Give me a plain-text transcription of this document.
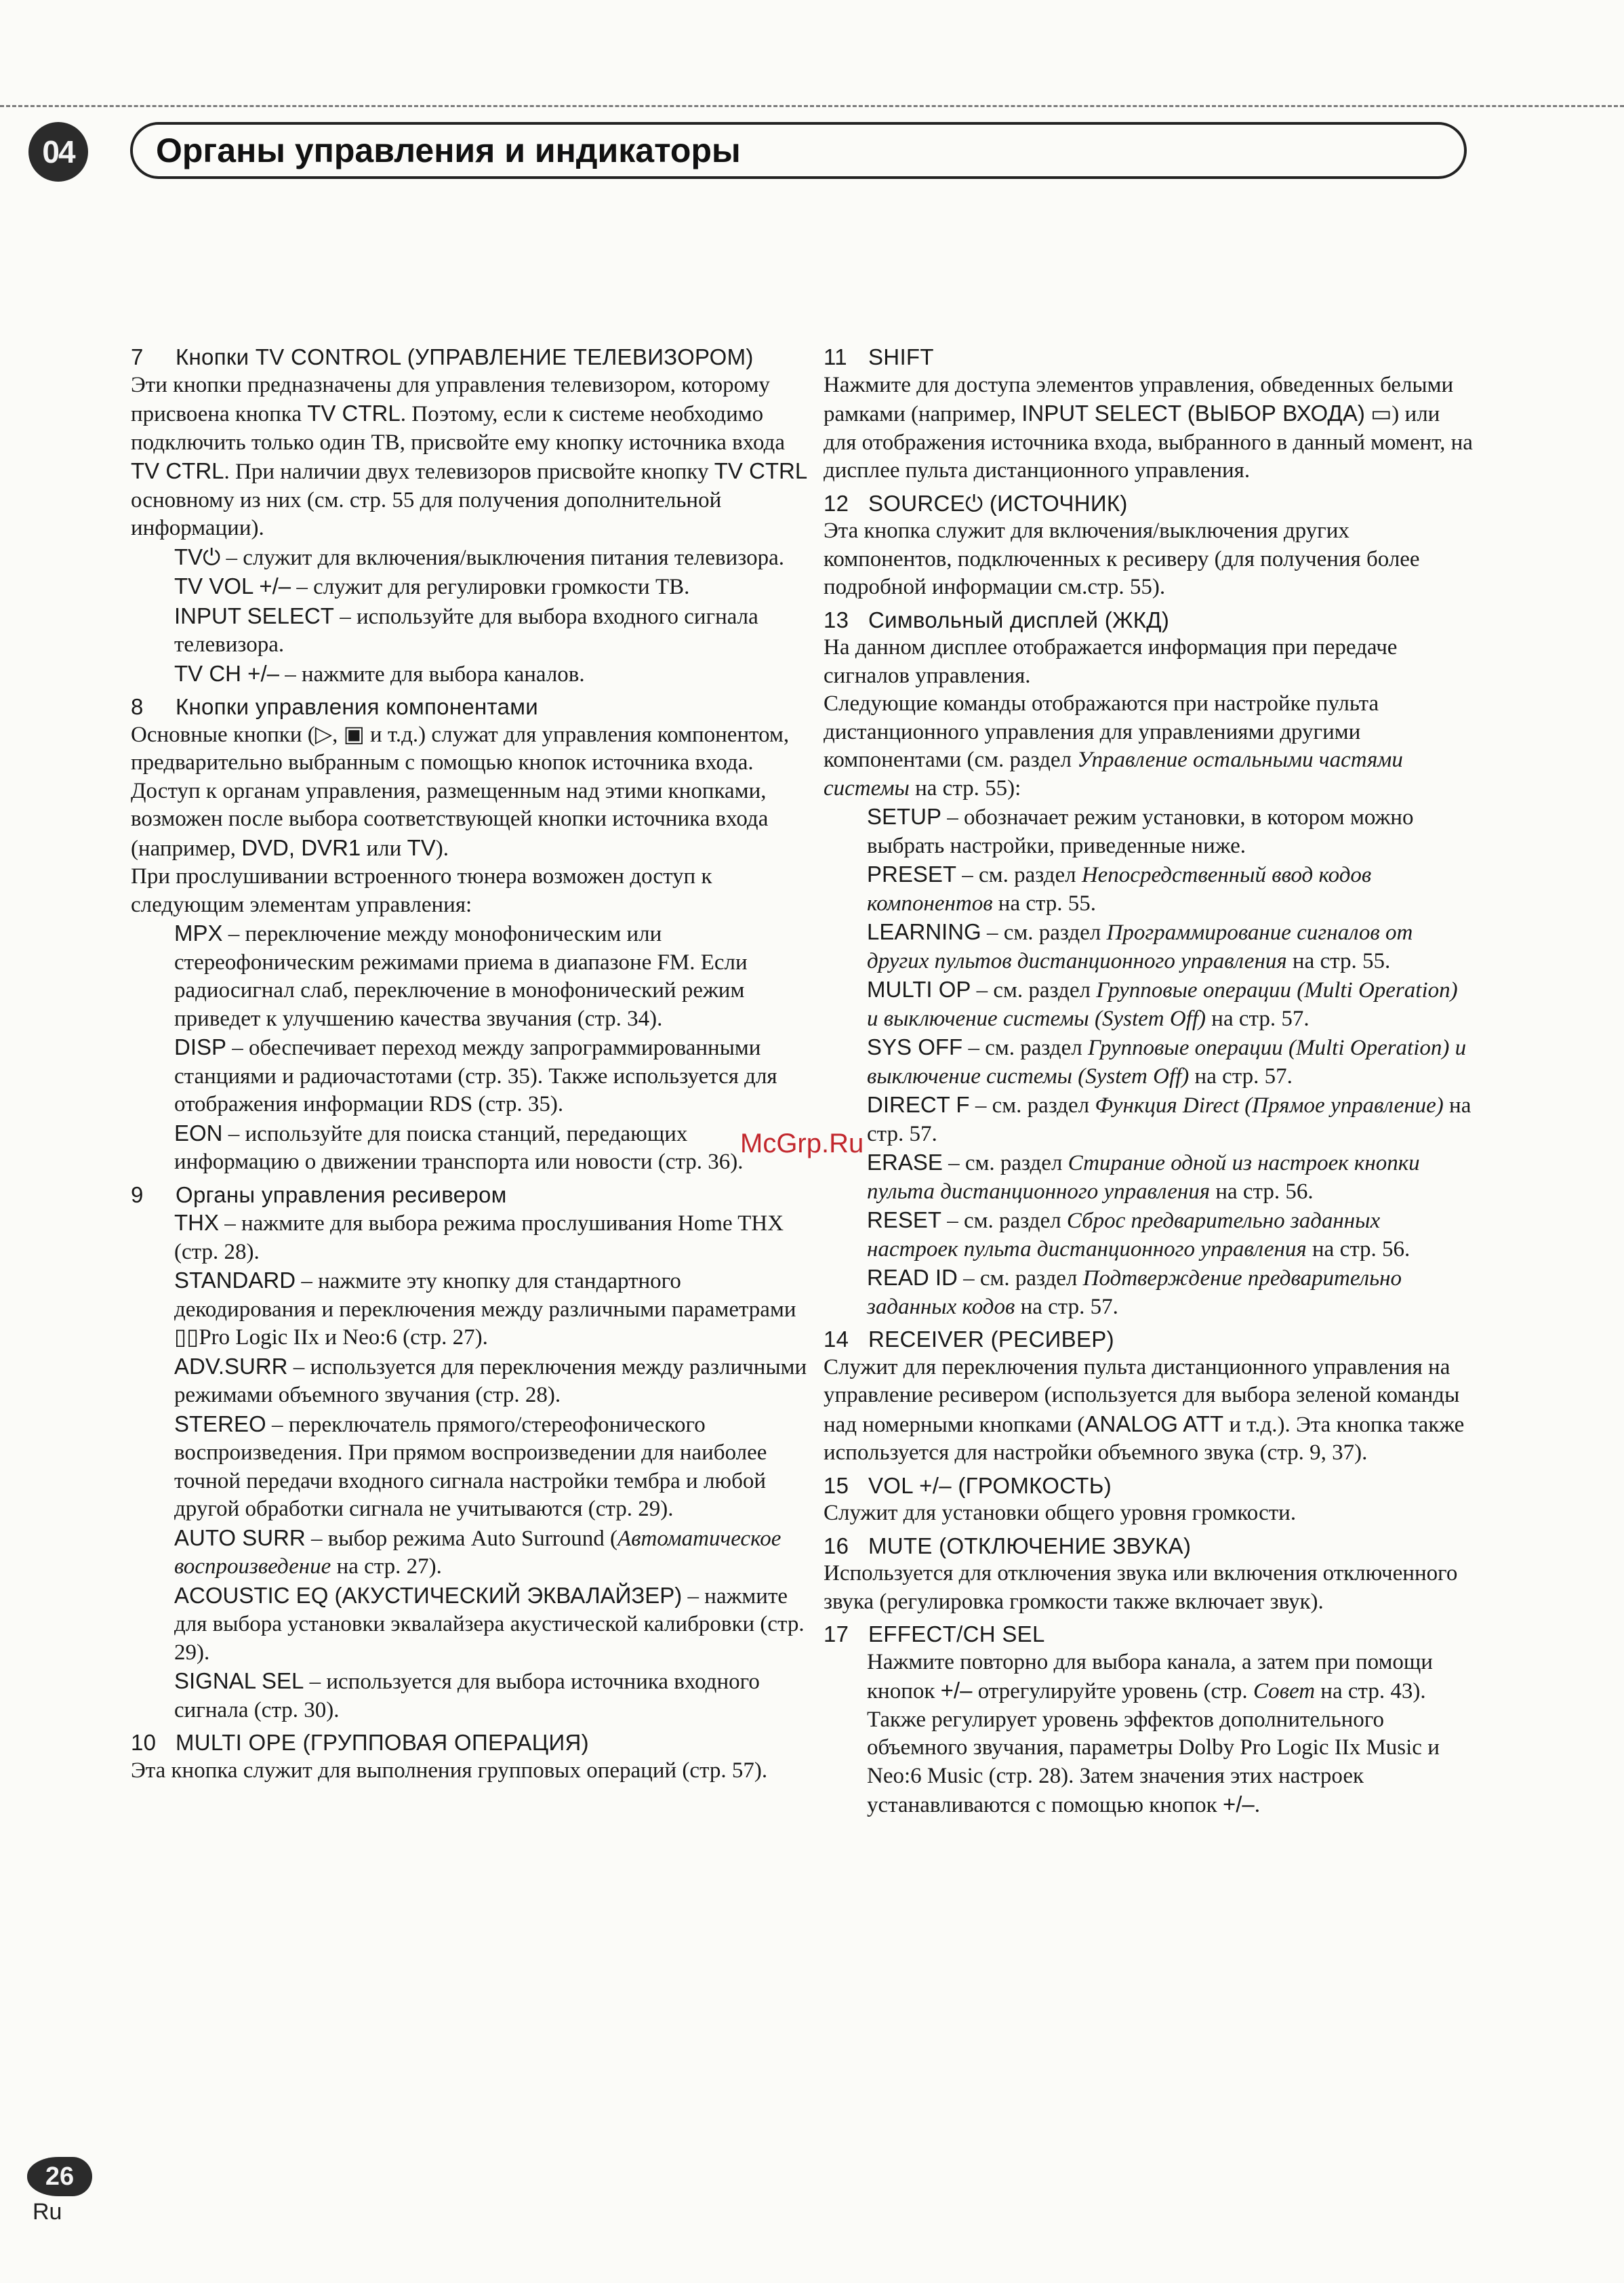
04	Органы управления и индикаторы
7 Кнопки TV CONTROL (УПРАВЛЕНИЕ ТЕЛЕВИЗОРОМ)

Эти кнопки предназначены для управления телевизором, которому присвоена кнопка TV CTRL. Поэтому, если к системе необходимо подключить только один ТВ, присвойте ему кнопку источника входа TV CTRL. При наличии двух телевизоров присвойте кнопку TV CTRL основному из них (см. стр. 55 для получения дополнительной информации).

TV⏻ – служит для включения/выключения питания телевизора.

TV VOL +/– – служит для регулировки громкости ТВ.

INPUT SELECT – используйте для выбора входного сигнала телевизора.

TV CH +/– – нажмите для выбора каналов.

8 Кнопки управления компонентами

Основные кнопки (▷, ▣ и т.д.) служат для управления компонентом, предварительно выбранным с помощью кнопок источника входа.

Доступ к органам управления, размещенным над этими кнопками, возможен после выбора соответствующей кнопки источника входа (например, DVD, DVR1 или TV).

При прослушивании встроенного тюнера возможен доступ к следующим элементам управления:

MPX – переключение между монофоническим или стереофоническим режимами приема в диапазоне FM. Если радиосигнал слаб, переключение в монофонический режим приведет к улучшению качества звучания (стр. 34).

DISP – обеспечивает переход между запрограммированными станциями и радиочастотами (стр. 35). Также используется для отображения информации RDS (стр. 35).

EON – используйте для поиска станций, передающих информацию о движении транспорта или новости (стр. 36).

9 Органы управления ресивером

THX – нажмите для выбора режима прослушивания Home THX (стр. 28).

STANDARD – нажмите эту кнопку для стандартного декодирования и переключения между различными параметрами ▯▯Pro Logic IIx и Neo:6 (стр. 27).

ADV.SURR – используется для переключения между различными режимами объемного звучания (стр. 28).

STEREO – переключатель прямого/стереофонического воспроизведения. При прямом воспроизведении для наиболее точной передачи входного сигнала настройки тембра и любой другой обработки сигнала не учитываются (стр. 29).

AUTO SURR – выбор режима Auto Surround (Автоматическое воспроизведение на стр. 27).

ACOUSTIC EQ (АКУСТИЧЕСКИЙ ЭКВАЛАЙЗЕР) – нажмите для выбора установки эквалайзера акустической калибровки (стр. 29).

SIGNAL SEL – используется для выбора источника входного сигнала (стр. 30).

10 MULTI OPE (ГРУППОВАЯ ОПЕРАЦИЯ)

Эта кнопка служит для выполнения групповых операций (стр. 57).

11 SHIFT

Нажмите для доступа элементов управления, обведенных белыми рамками (например, INPUT SELECT (ВЫБОР ВХОДА) ▭) или для отображения источника входа, выбранного в данный момент, на дисплее пульта дистанционного управления.

12 SOURCE⏻ (ИСТОЧНИК)

Эта кнопка служит для включения/выключения других компонентов, подключенных к ресиверу (для получения более подробной информации см.стр. 55).

13 Символьный дисплей (ЖКД)

На данном дисплее отображается информация при передаче сигналов управления.

Следующие команды отображаются при настройке пульта дистанционного управления для управлениями другими компонентами (см. раздел Управление остальными частями системы на стр. 55):

SETUP – обозначает режим установки, в котором можно выбрать настройки, приведенные ниже.

PRESET – см. раздел Непосредственный ввод кодов компонентов на стр. 55.

LEARNING – см. раздел Программирование сигналов от других пультов дистанционного управления на стр. 55.

MULTI OP – см. раздел Групповые операции (Multi Operation) и выключение системы (System Off) на стр. 57.

SYS OFF – см. раздел Групповые операции (Multi Operation) и выключение системы (System Off) на стр. 57.

DIRECT F – см. раздел Функция Direct (Прямое управление) на стр. 57.

ERASE – см. раздел Стирание одной из настроек кнопки пульта дистанционного управления на стр. 56.

RESET – см. раздел Сброс предварительно заданных настроек пульта дистанционного управления на стр. 56.

READ ID – см. раздел Подтверждение предварительно заданных кодов на стр. 57.

14 RECEIVER (РЕСИВЕР)

Служит для переключения пульта дистанционного управления на управление ресивером (используется для выбора зеленой команды над номерными кнопками (ANALOG ATT и т.д.). Эта кнопка также используется для настройки объемного звука (стр. 9, 37).

15 VOL +/– (ГРОМКОСТЬ)

Служит для установки общего уровня громкости.

16 MUTE (ОТКЛЮЧЕНИЕ ЗВУКА)

Используется для отключения звука или включения отключенного звука (регулировка громкости также включает звук).

17 EFFECT/CH SEL

Нажмите повторно для выбора канала, а затем при помощи кнопок +/– отрегулируйте уровень (стр. Совет на стр. 43). Также регулирует уровень эффектов дополнительного объемного звучания, параметры Dolby Pro Logic IIx Music и Neo:6 Music (стр. 28). Затем значения этих настроек устанавливаются с помощью кнопок +/–.

McGrp.Ru
26
Ru
